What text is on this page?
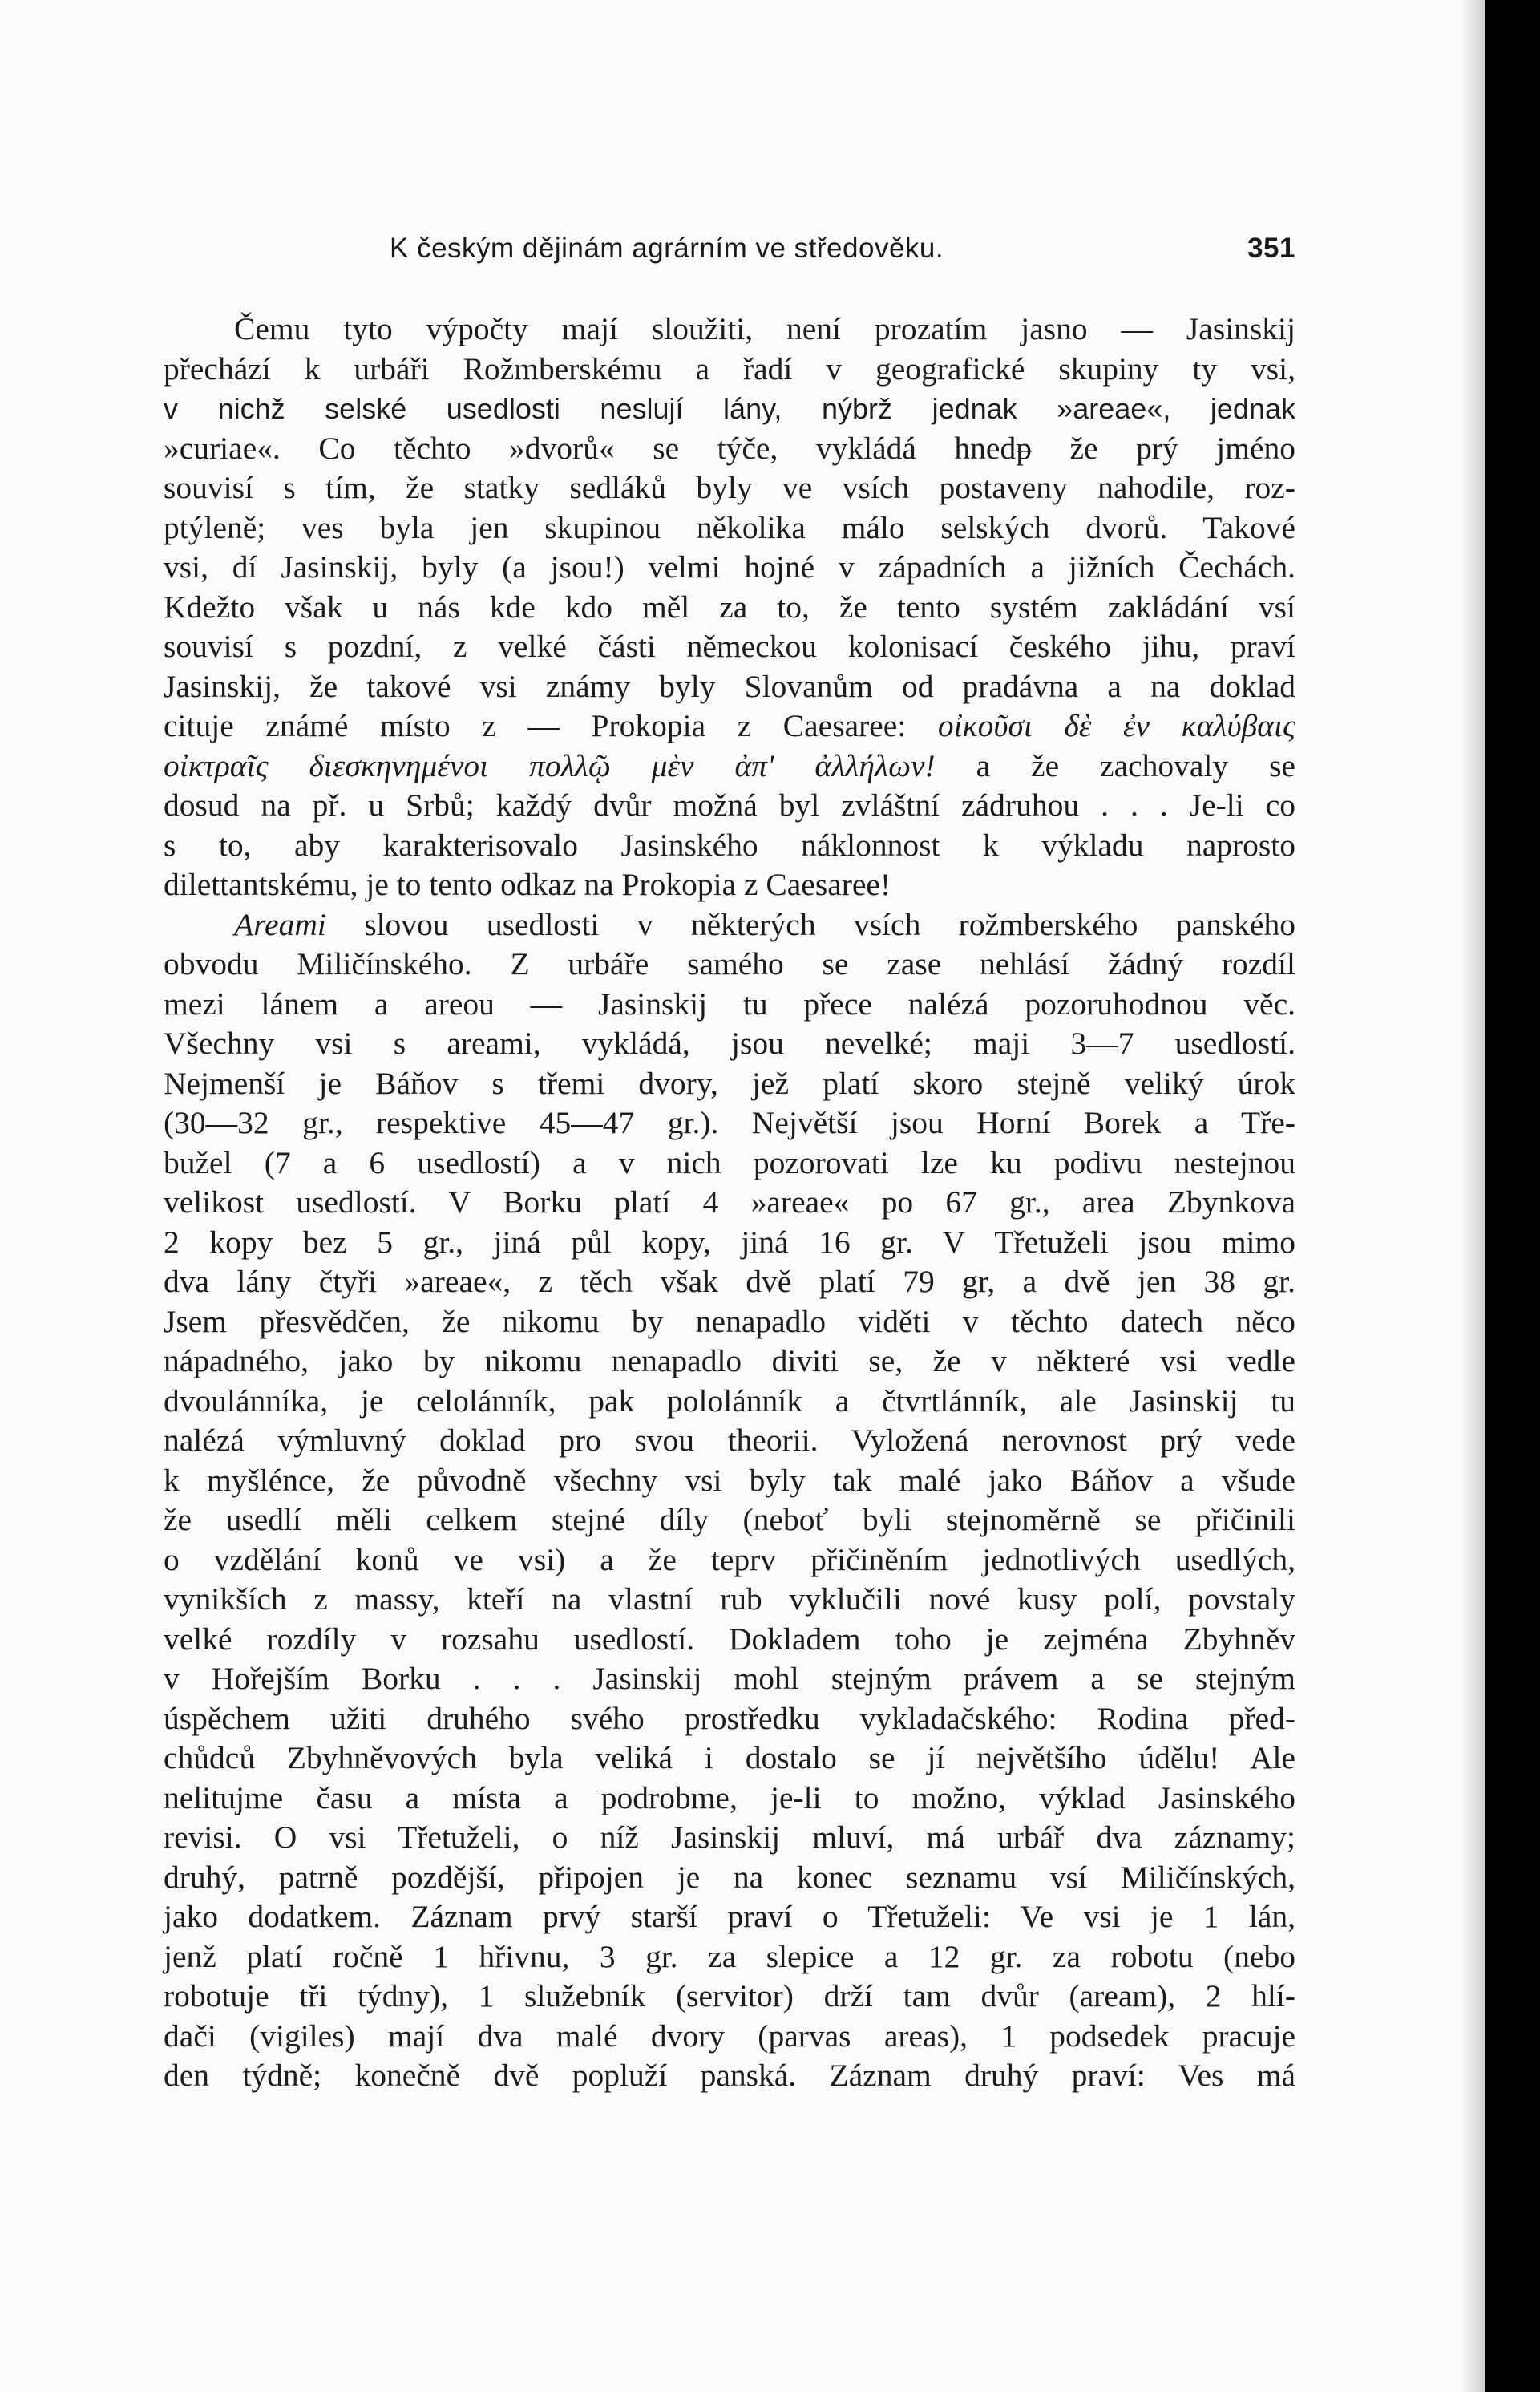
K českým dějinám agrárním ve středověku.	351
Čemu tyto výpočty mají sloužiti, není prozatím jasno — Jasinskij
přechází k urbáři Rožmberskému a řadí v geografické skupiny ty vsi,
v nichž selské usedlosti neslují lány, nýbrž jednak »areae«, jednak
»curiae«. Co těchto »dvorů« se týče, vykládá hnedᵽ že prý jméno
souvisí s tím, že statky sedláků byly ve vsích postaveny nahodile, roz-
ptýleně; ves byla jen skupinou několika málo selských dvorů. Takové
vsi, dí Jasinskij, byly (a jsou!) velmi hojné v západních a jižních Čechách.
Kdežto však u nás kde kdo měl za to, že tento systém zakládání vsí
souvisí s pozdní, z velké části německou kolonisací českého jihu, praví
Jasinskij, že takové vsi známy byly Slovanům od pradávna a na doklad
cituje známé místo z — Prokopia z Caesaree: οἰκοῦσι δὲ ἐν καλύβαις
οἰκτραῖς διεσκηνημένοι πολλῷ μὲν ἀπ' ἀλλήλων! a že zachovaly se
dosud na př. u Srbů; každý dvůr možná byl zvláštní zádruhou . . . Je-li co
s to, aby karakterisovalo Jasinského náklonnost k výkladu naprosto
dilettantskému, je to tento odkaz na Prokopia z Caesaree!
Areami slovou usedlosti v některých vsích rožmberského panského
obvodu Miličínského. Z urbáře samého se zase nehlásí žádný rozdíl
mezi lánem a areou — Jasinskij tu přece nalézá pozoruhodnou věc.
Všechny vsi s areami, vykládá, jsou nevelké; maji 3—7 usedlostí.
Nejmenší je Báňov s třemi dvory, jež platí skoro stejně veliký úrok
(30—32 gr., respektive 45—47 gr.). Největší jsou Horní Borek a Tře-
bužel (7 a 6 usedlostí) a v nich pozorovati lze ku podivu nestejnou
velikost usedlostí. V Borku platí 4 »areae« po 67 gr., area Zbynkova
2 kopy bez 5 gr., jiná půl kopy, jiná 16 gr. V Třetuželi jsou mimo
dva lány čtyři »areae«, z těch však dvě platí 79 gr, a dvě jen 38 gr.
Jsem přesvědčen, že nikomu by nenapadlo viděti v těchto datech něco
nápadného, jako by nikomu nenapadlo diviti se, že v některé vsi vedle
dvoulánníka, je celolánník, pak pololánník a čtvrtlánník, ale Jasinskij tu
nalézá výmluvný doklad pro svou theorii. Vyložená nerovnost prý vede
k myšlénce, že původně všechny vsi byly tak malé jako Báňov a všude
že usedlí měli celkem stejné díly (neboť byli stejnoměrně se přičinili
o vzdělání konů ve vsi) a že teprv přičiněním jednotlivých usedlých,
vynikších z massy, kteří na vlastní rub vyklučili nové kusy polí, povstaly
velké rozdíly v rozsahu usedlostí. Dokladem toho je zejména Zbyhněv
v Hořejším Borku . . . Jasinskij mohl stejným právem a se stejným
úspěchem užiti druhého svého prostředku vykladačského: Rodina před-
chůdců Zbyhněvových byla veliká i dostalo se jí největšího údělu! Ale
nelitujme času a místa a podrobme, je-li to možno, výklad Jasinského
revisi. O vsi Třetuželi, o níž Jasinskij mluví, má urbář dva záznamy;
druhý, patrně pozdější, připojen je na konec seznamu vsí Miličínských,
jako dodatkem. Záznam prvý starší praví o Třetuželi: Ve vsi je 1 lán,
jenž platí ročně 1 hřivnu, 3 gr. za slepice a 12 gr. za robotu (nebo
robotuje tři týdny), 1 služebník (servitor) drží tam dvůr (aream), 2 hlí-
dači (vigiles) mají dva malé dvory (parvas areas), 1 podsedek pracuje
den týdně; konečně dvě popluží panská. Záznam druhý praví: Ves má
